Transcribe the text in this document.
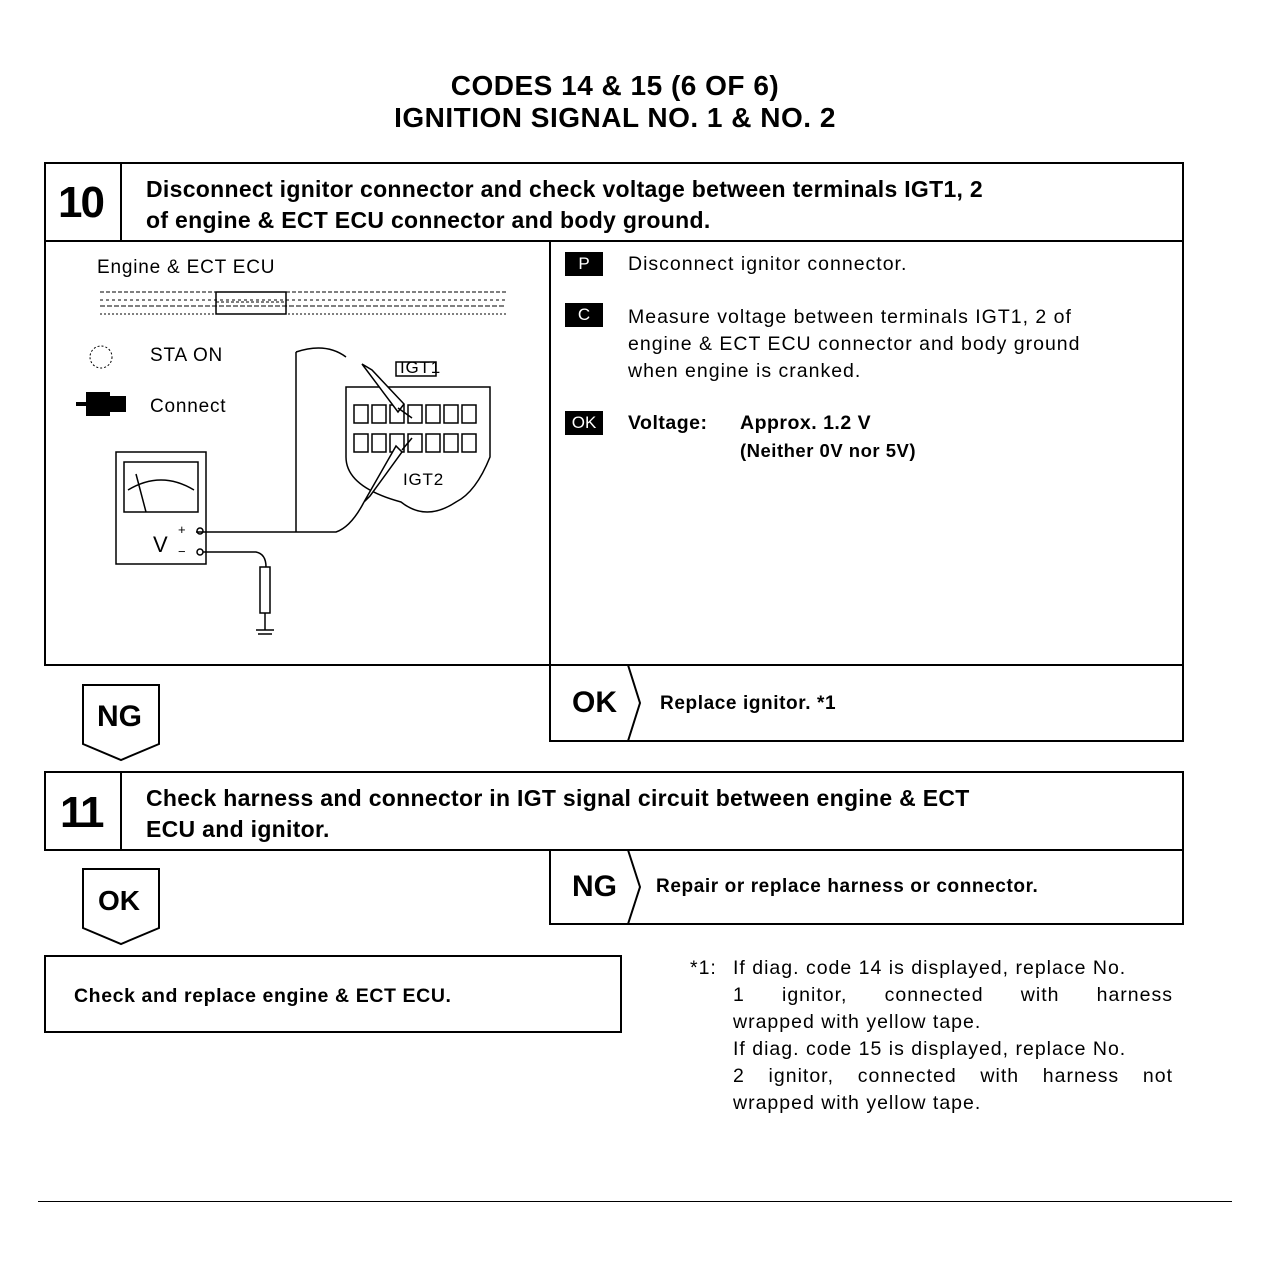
CODES 14 & 15 (6 OF 6)
IGNITION SIGNAL NO. 1 & NO. 2
10 Disconnect ignitor connector and check voltage between terminals IGT1, 2
of engine & ECT ECU connector and body ground.
Engine & ECT ECU
STA ON
Connect
IGT1
IGT2
V
+
−
P	Disconnect ignitor connector.
C	Measure voltage between terminals IGT1, 2 of
engine & ECT ECU connector and body ground
when engine is cranked.
OK	Voltage: Approx. 1.2 V
(Neither 0V nor 5V)
NG	OK Replace ignitor. *1
11 Check harness and connector in IGT signal circuit between engine & ECT
ECU and ignitor.
NG Repair or replace harness or connector.
OK
Check and replace engine & ECT ECU.
*1: If diag. code 14 is displayed, replace No.
1 ignitor, connected with harness
wrapped with yellow tape.
If diag. code 15 is displayed, replace No.
2 ignitor, connected with harness not
wrapped with yellow tape.
